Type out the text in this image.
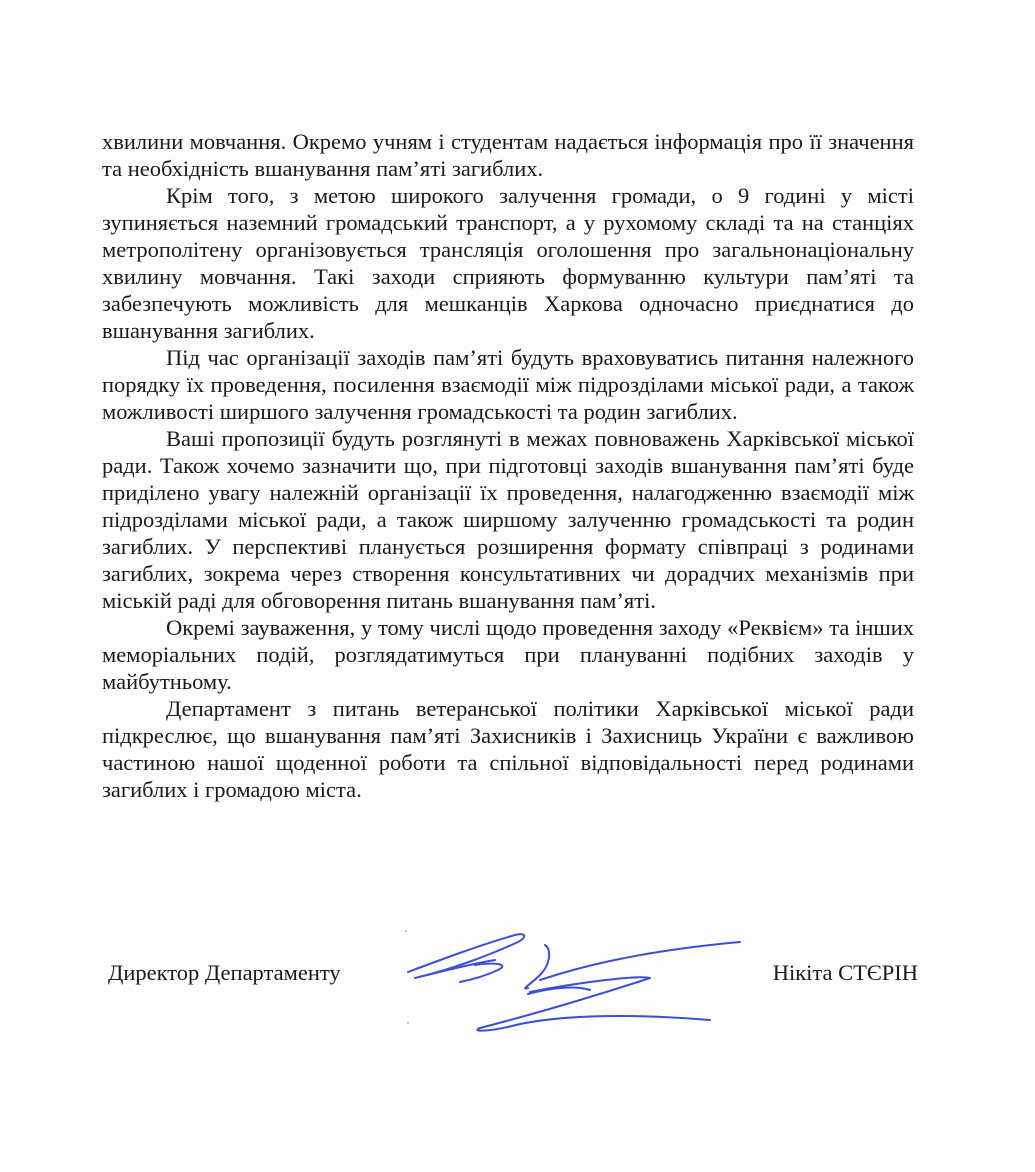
хвилини мовчання. Окремо учням і студентам надається інформація про її значення та необхідність вшанування пам’яті загиблих.

Крім того, з метою широкого залучення громади, о 9 годині у місті зупиняється наземний громадський транспорт, а у рухомому складі та на станціях метрополітену організовується трансляція оголошення про загальнонаціональну хвилину мовчання. Такі заходи сприяють формуванню культури пам’яті та забезпечують можливість для мешканців Харкова одночасно приєднатися до вшанування загиблих.

Під час організації заходів пам’яті будуть враховуватись питання належного порядку їх проведення, посилення взаємодії між підрозділами міської ради, а також можливості ширшого залучення громадськості та родин загиблих.

Ваші пропозиції будуть розглянуті в межах повноважень Харківської міської ради. Також хочемо зазначити що, при підготовці заходів вшанування пам’яті буде приділено увагу належній організації їх проведення, налагодженню взаємодії між підрозділами міської ради, а також ширшому залученню громадськості та родин загиблих. У перспективі планується розширення формату співпраці з родинами загиблих, зокрема через створення консультативних чи дорадчих механізмів при міській раді для обговорення питань вшанування пам’яті.

Окремі зауваження, у тому числі щодо проведення заходу «Реквієм» та інших меморіальних подій, розглядатимуться при плануванні подібних заходів у майбутньому.

Департамент з питань ветеранської політики Харківської міської ради підкреслює, що вшанування пам’яті Захисників і Захисниць України є важливою частиною нашої щоденної роботи та спільної відповідальності перед родинами загиблих і громадою міста.

Директор Департаменту	Нікіта СТЄРІН
